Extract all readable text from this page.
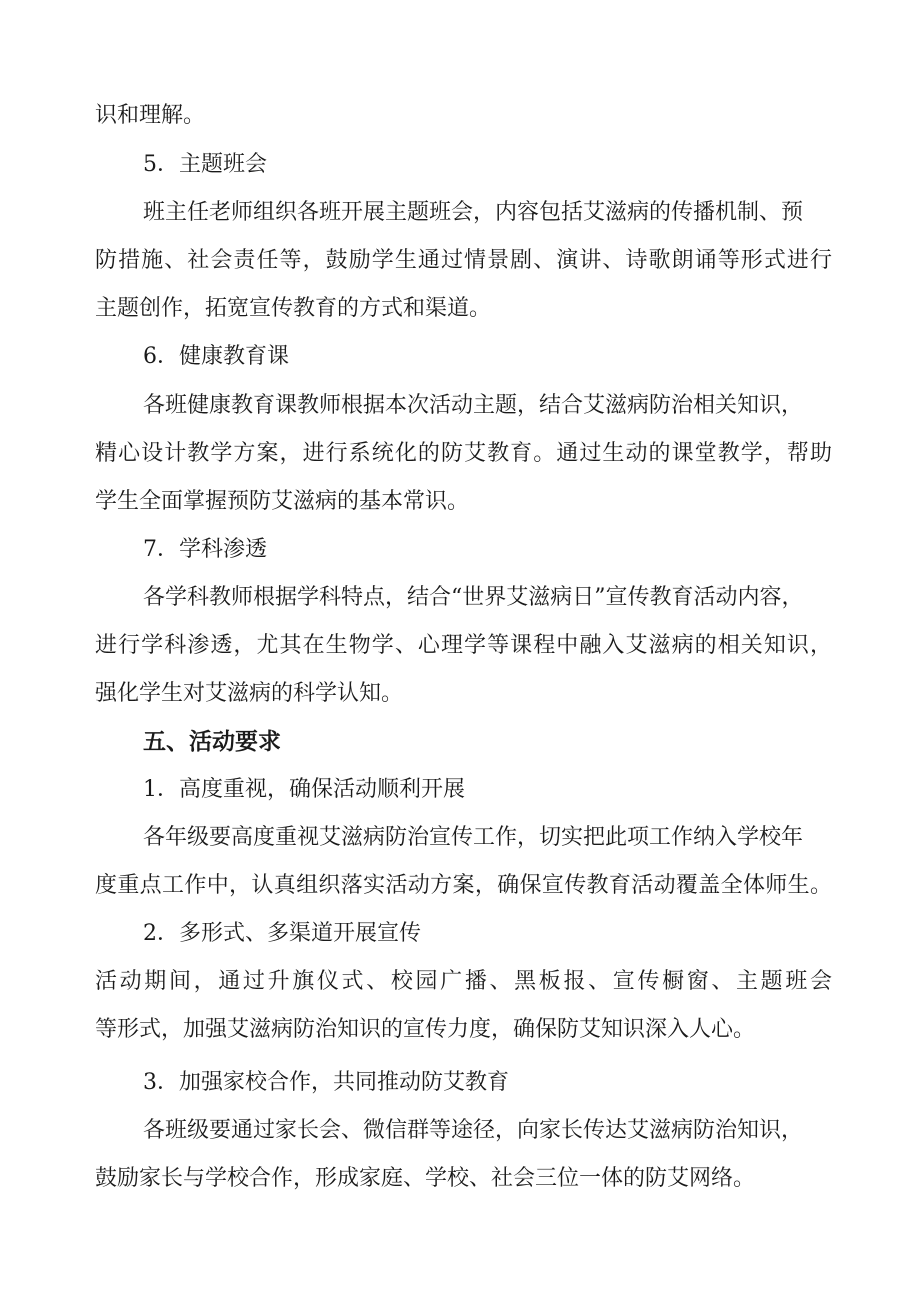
识和理解。
5．主题班会
班主任老师组织各班开展主题班会，内容包括艾滋病的传播机制、预
防措施、社会责任等，鼓励学生通过情景剧、演讲、诗歌朗诵等形式进行
主题创作，拓宽宣传教育的方式和渠道。
6．健康教育课
各班健康教育课教师根据本次活动主题，结合艾滋病防治相关知识，
精心设计教学方案，进行系统化的防艾教育。通过生动的课堂教学，帮助
学生全面掌握预防艾滋病的基本常识。
7．学科渗透
各学科教师根据学科特点，结合“世界艾滋病日”宣传教育活动内容，
进行学科渗透，尤其在生物学、心理学等课程中融入艾滋病的相关知识，
强化学生对艾滋病的科学认知。
五、活动要求
1．高度重视，确保活动顺利开展
各年级要高度重视艾滋病防治宣传工作，切实把此项工作纳入学校年
度重点工作中，认真组织落实活动方案，确保宣传教育活动覆盖全体师生。
2．多形式、多渠道开展宣传
活动期间，通过升旗仪式、校园广播、黑板报、宣传橱窗、主题班会
等形式，加强艾滋病防治知识的宣传力度，确保防艾知识深入人心。
3．加强家校合作，共同推动防艾教育
各班级要通过家长会、微信群等途径，向家长传达艾滋病防治知识，
鼓励家长与学校合作，形成家庭、学校、社会三位一体的防艾网络。
